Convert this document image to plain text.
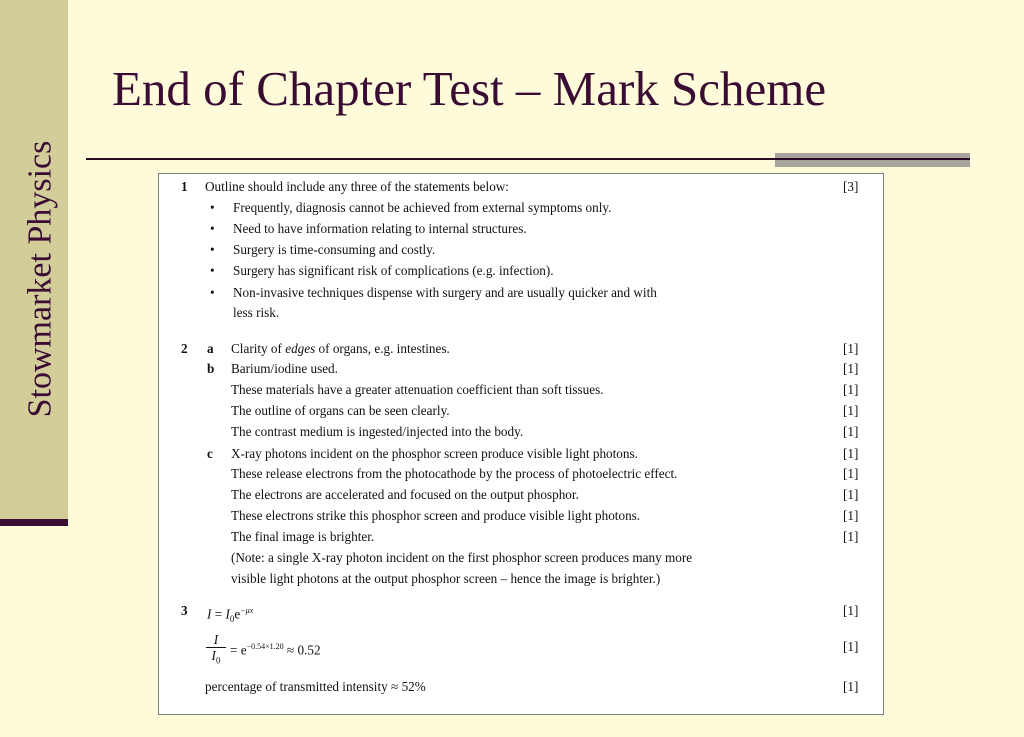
Stowmarket Physics
End of Chapter Test – Mark Scheme
1 Outline should include any three of the statements below:	[3]
• Frequently, diagnosis cannot be achieved from external symptoms only.
• Need to have information relating to internal structures.
• Surgery is time-consuming and costly.
• Surgery has significant risk of complications (e.g. infection).
• Non-invasive techniques dispense with surgery and are usually quicker and with
less risk.
2 a Clarity of edges of organs, e.g. intestines.	[1]
b Barium/iodine used.	[1]
These materials have a greater attenuation coefficient than soft tissues.	[1]
The outline of organs can be seen clearly.	[1]
The contrast medium is ingested/injected into the body.	[1]
c X-ray photons incident on the phosphor screen produce visible light photons.	[1]
These release electrons from the photocathode by the process of photoelectric effect.	[1]
The electrons are accelerated and focused on the output phosphor.	[1]
These electrons strike this phosphor screen and produce visible light photons.	[1]
The final image is brighter.	[1]
(Note: a single X-ray photon incident on the first phosphor screen produces many more
visible light photons at the output phosphor screen – hence the image is brighter.)
3 $I = I_0e^{-\mu x}$	[1]
$\frac{I}{I_0} = e^{-0.54\times 1.20} \approx 0.52$	[1]
percentage of transmitted intensity ≈ 52%	[1]
